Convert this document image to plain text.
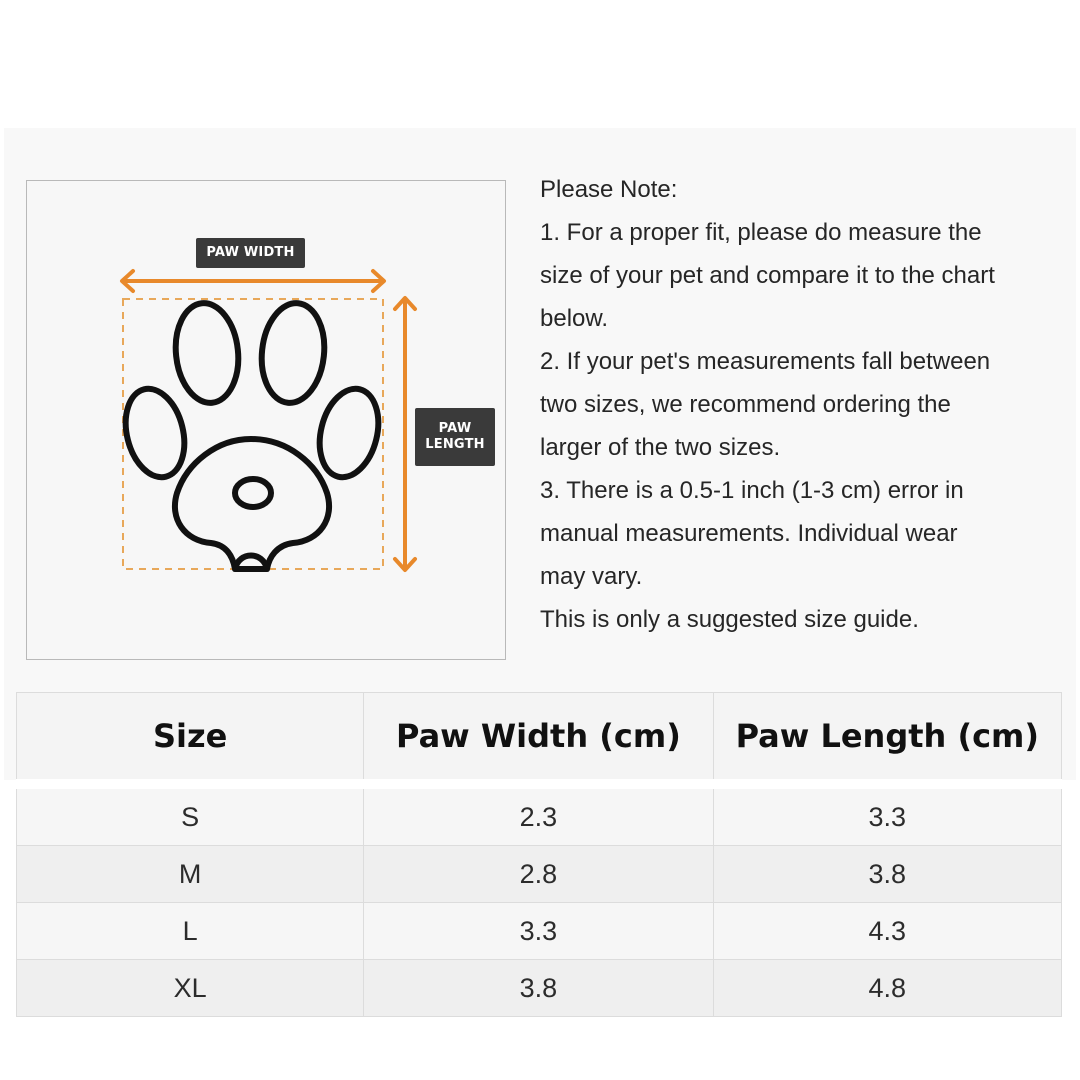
PAW WIDTH
PAW
LENGTH

Please Note:

1. For a proper fit, please do measure the

size of your pet and compare it to the chart

below.

2. If your pet's measurements fall between

two sizes, we recommend ordering the

larger of the two sizes.

3. There is a 0.5-1 inch (1-3 cm) error in

manual measurements. Individual wear

may vary.

This is only a suggested size guide.

Size	Paw Width (cm)	Paw Length (cm)
S	2.3	3.3
M	2.8	3.8
L	3.3	4.3
XL	3.8	4.8
